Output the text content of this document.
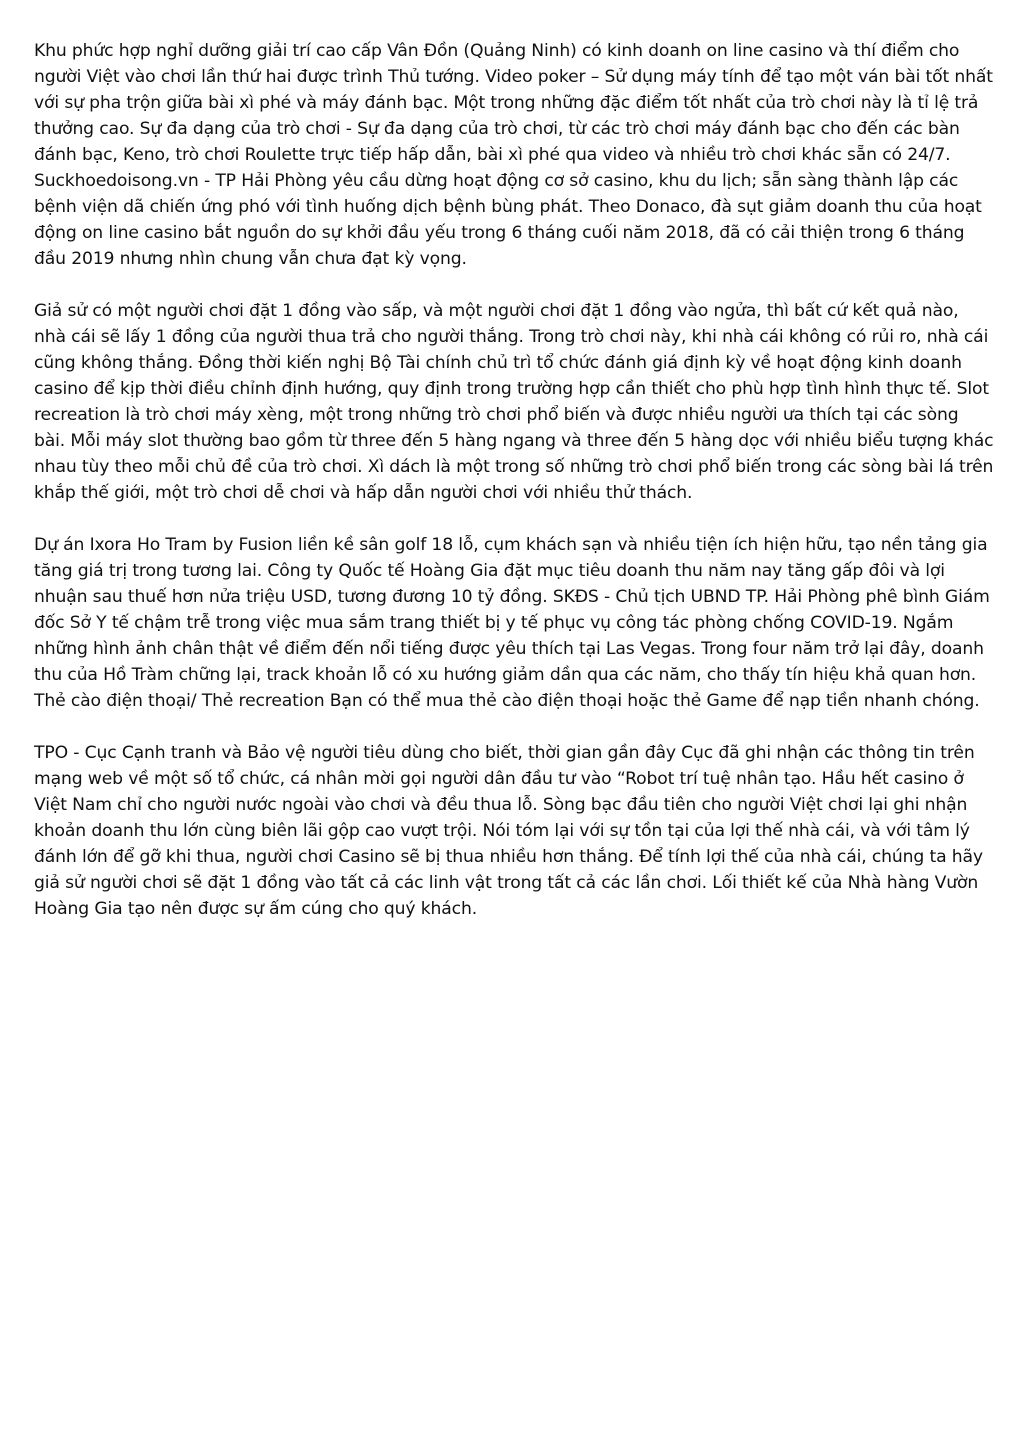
Khu phức hợp nghỉ dưỡng giải trí cao cấp Vân Đồn (Quảng Ninh) có kinh doanh on line casino và thí điểm cho người Việt vào chơi lần thứ hai được trình Thủ tướng. Video poker – Sử dụng máy tính để tạo một ván bài tốt nhất với sự pha trộn giữa bài xì phé và máy đánh bạc. Một trong những đặc điểm tốt nhất của trò chơi này là tỉ lệ trả thưởng cao. Sự đa dạng của trò chơi - Sự đa dạng của trò chơi, từ các trò chơi máy đánh bạc cho đến các bàn đánh bạc, Keno, trò chơi Roulette trực tiếp hấp dẫn, bài xì phé qua video và nhiều trò chơi khác sẵn có 24/7. Suckhoedoisong.vn - TP Hải Phòng yêu cầu dừng hoạt động cơ sở casino, khu du lịch; sẵn sàng thành lập các bệnh viện dã chiến ứng phó với tình huống dịch bệnh bùng phát. Theo Donaco, đà sụt giảm doanh thu của hoạt động on line casino bắt nguồn do sự khởi đầu yếu trong 6 tháng cuối năm 2018, đã có cải thiện trong 6 tháng đầu 2019 nhưng nhìn chung vẫn chưa đạt kỳ vọng.

Giả sử có một người chơi đặt 1 đồng vào sấp, và một người chơi đặt 1 đồng vào ngửa, thì bất cứ kết quả nào, nhà cái sẽ lấy 1 đồng của người thua trả cho người thắng. Trong trò chơi này, khi nhà cái không có rủi ro, nhà cái cũng không thắng. Đồng thời kiến nghị Bộ Tài chính chủ trì tổ chức đánh giá định kỳ về hoạt động kinh doanh casino để kịp thời điều chỉnh định hướng, quy định trong trường hợp cần thiết cho phù hợp tình hình thực tế. Slot recreation là trò chơi máy xèng, một trong những trò chơi phổ biến và được nhiều người ưa thích tại các sòng bài. Mỗi máy slot thường bao gồm từ three đến 5 hàng ngang và three đến 5 hàng dọc với nhiều biểu tượng khác nhau tùy theo mỗi chủ đề của trò chơi. Xì dách là một trong số những trò chơi phổ biến trong các sòng bài lá trên khắp thế giới, một trò chơi dễ chơi và hấp dẫn người chơi với nhiều thử thách.

Dự án Ixora Ho Tram by Fusion liền kề sân golf 18 lỗ, cụm khách sạn và nhiều tiện ích hiện hữu, tạo nền tảng gia tăng giá trị trong tương lai. Công ty Quốc tế Hoàng Gia đặt mục tiêu doanh thu năm nay tăng gấp đôi và lợi nhuận sau thuế hơn nửa triệu USD, tương đương 10 tỷ đồng. SKĐS - Chủ tịch UBND TP. Hải Phòng phê bình Giám đốc Sở Y tế chậm trễ trong việc mua sắm trang thiết bị y tế phục vụ công tác phòng chống COVID-19. Ngắm những hình ảnh chân thật về điểm đến nổi tiếng được yêu thích tại Las Vegas. Trong four năm trở lại đây, doanh thu của Hồ Tràm chững lại, track khoản lỗ có xu hướng giảm dần qua các năm, cho thấy tín hiệu khả quan hơn. Thẻ cào điện thoại/ Thẻ recreation Bạn có thể mua thẻ cào điện thoại hoặc thẻ Game để nạp tiền nhanh chóng.

TPO - Cục Cạnh tranh và Bảo vệ người tiêu dùng cho biết, thời gian gần đây Cục đã ghi nhận các thông tin trên mạng web về một số tổ chức, cá nhân mời gọi người dân đầu tư vào “Robot trí tuệ nhân tạo. Hầu hết casino ở Việt Nam chỉ cho người nước ngoài vào chơi và đều thua lỗ. Sòng bạc đầu tiên cho người Việt chơi lại ghi nhận khoản doanh thu lớn cùng biên lãi gộp cao vượt trội. Nói tóm lại với sự tồn tại của lợi thế nhà cái, và với tâm lý đánh lớn để gỡ khi thua, người chơi Casino sẽ bị thua nhiều hơn thắng. Để tính lợi thế của nhà cái, chúng ta hãy giả sử người chơi sẽ đặt 1 đồng vào tất cả các linh vật trong tất cả các lần chơi. Lối thiết kế của Nhà hàng Vườn Hoàng Gia tạo nên được sự ấm cúng cho quý khách.
